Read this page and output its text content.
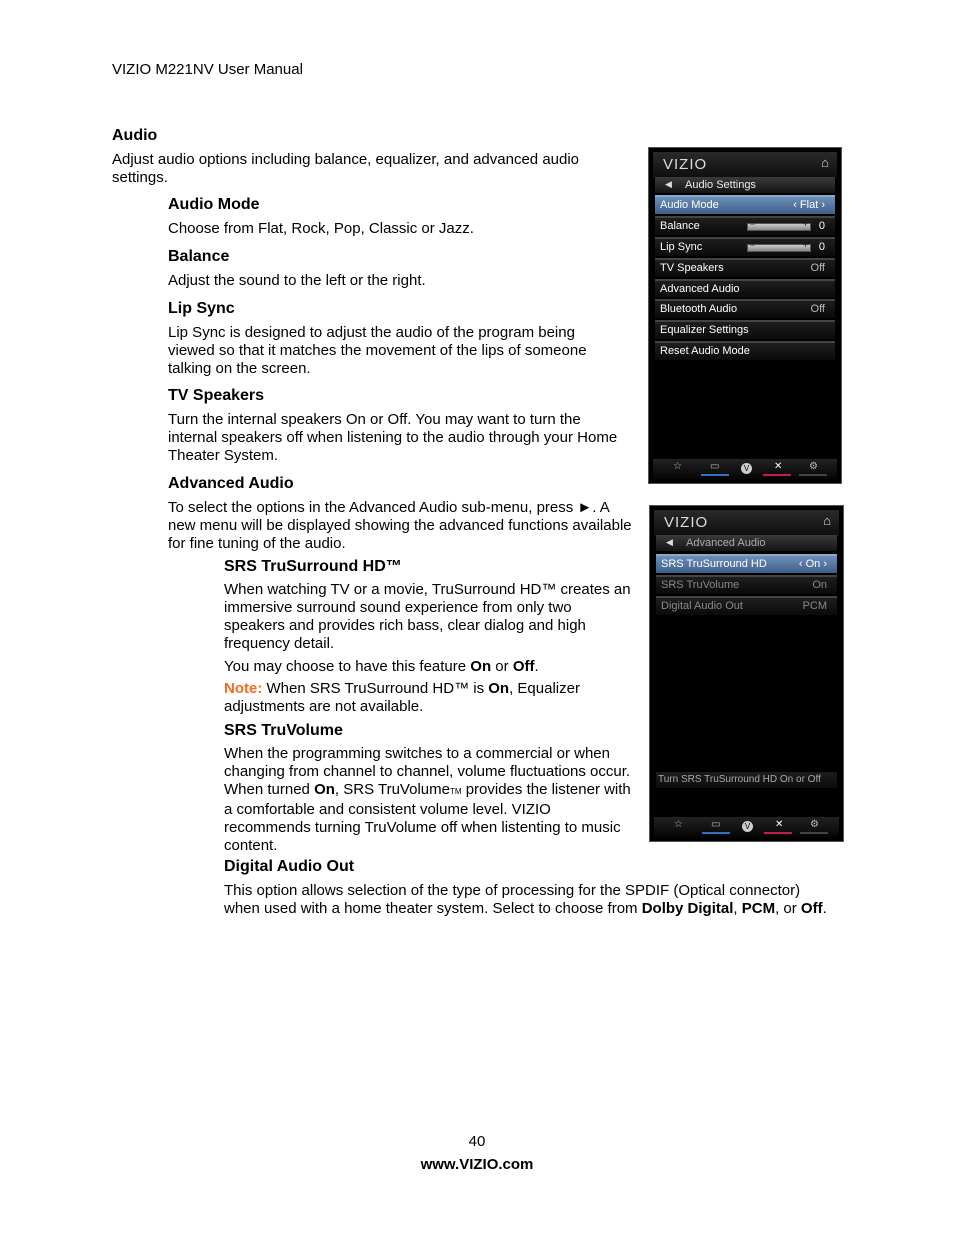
VIZIO M221NV User Manual
Audio
Adjust audio options including balance, equalizer, and advanced audio settings.
Audio Mode
Choose from Flat, Rock, Pop, Classic or Jazz.
Balance
Adjust the sound to the left or the right.
Lip Sync
Lip Sync is designed to adjust the audio of the program being viewed so that it matches the movement of the lips of someone talking on the screen.
TV Speakers
Turn the internal speakers On or Off. You may want to turn the internal speakers off when listening to the audio through your Home Theater System.
Advanced Audio
To select the options in the Advanced Audio sub-menu, press ►. A new menu will be displayed showing the advanced functions available for fine tuning of the audio.
SRS TruSurround HD™
When watching TV or a movie, TruSurround HD™ creates an immersive surround sound experience from only two speakers and provides rich bass, clear dialog and high frequency detail.
You may choose to have this feature On or Off.
Note: When SRS TruSurround HD™ is On, Equalizer adjustments are not available.
SRS TruVolume
When the programming switches to a commercial or when changing from channel to channel, volume fluctuations occur. When turned On, SRS TruVolumeTM provides the listener with a comfortable and consistent volume level. VIZIO recommends turning TruVolume off when listenting to music content.
Digital Audio Out
This option allows selection of the type of processing for the SPDIF (Optical connector) when used with a home theater system. Select to choose from Dolby Digital, PCM, or Off.
VIZIO	⌂
◀ Audio Settings
Audio Mode	‹ Flat ›
Balance	−	+ 0
Lip Sync	−	+ 0
TV Speakers	Off
Advanced Audio
Bluetooth Audio	Off
Equalizer Settings
Reset Audio Mode
☆	▭	V ✕	⚙
VIZIO	⌂
◀ Advanced Audio
SRS TruSurround HD	‹ On ›
SRS TruVolume	On
Digital Audio Out	PCM
Turn SRS TruSurround HD On or Off
☆	▭	V ✕	⚙
40
www.VIZIO.com
